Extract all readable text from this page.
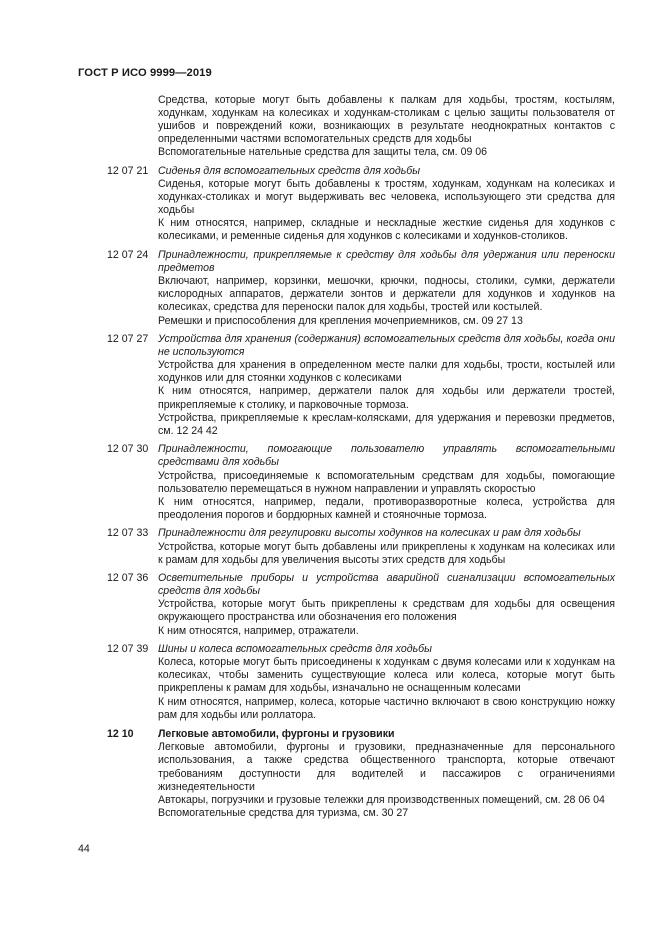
ГОСТ Р ИСО 9999—2019

Средства, которые могут быть добавлены к палкам для ходьбы, тростям, костылям, ходункам, ходункам на колесиках и ходункам-столикам с целью защиты пользователя от ушибов и повреждений кожи, возникающих в результате неоднократных контактов с определенными частями вспомогательных средств для ходьбы

Вспомогательные нательные средства для защиты тела, см. 09 06

12 07 21 Сиденья для вспомогательных средств для ходьбы

Сиденья, которые могут быть добавлены к тростям, ходункам, ходункам на колесиках и ходунках-столиках и могут выдерживать вес человека, использующего эти средства для ходьбы

К ним относятся, например, складные и нескладные жесткие сиденья для ходунков с колесиками, и ременные сиденья для ходунков с колесиками и ходунков-столиков.

12 07 24 Принадлежности, прикрепляемые к средству для ходьбы для удержания или переноски предметов

Включают, например, корзинки, мешочки, крючки, подносы, столики, сумки, держатели кислородных аппаратов, держатели зонтов и держатели для ходунков и ходунков на колесиках, средства для переноски палок для ходьбы, тростей или костылей.

Ремешки и приспособления для крепления мочеприемников, см. 09 27 13

12 07 27 Устройства для хранения (содержания) вспомогательных средств для ходьбы, когда они не используются

Устройства для хранения в определенном месте палки для ходьбы, трости, костылей или ходунков или для стоянки ходунков с колесиками

К ним относятся, например, держатели палок для ходьбы или держатели тростей, прикрепляемые к столику, и парковочные тормоза.

Устройства, прикрепляемые к креслам-колясками, для удержания и перевозки предметов, см. 12 24 42

12 07 30 Принадлежности, помогающие пользователю управлять вспомогательными средствами для ходьбы

Устройства, присоединяемые к вспомогательным средствам для ходьбы, помогающие пользователю перемещаться в нужном направлении и управлять скоростью

К ним относятся, например, педали, противоразворотные колеса, устройства для преодоления порогов и бордюрных камней и стояночные тормоза.

12 07 33 Принадлежности для регулировки высоты ходунков на колесиках и рам для ходьбы

Устройства, которые могут быть добавлены или прикреплены к ходункам на колесиках или к рамам для ходьбы для увеличения высоты этих средств для ходьбы

12 07 36 Осветительные приборы и устройства аварийной сигнализации вспомогательных средств для ходьбы

Устройства, которые могут быть прикреплены к средствам для ходьбы для освещения окружающего пространства или обозначения его положения

К ним относятся, например, отражатели.

12 07 39 Шины и колеса вспомогательных средств для ходьбы

Колеса, которые могут быть присоединены к ходункам с двумя колесами или к ходункам на колесиках, чтобы заменить существующие колеса или колеса, которые могут быть прикреплены к рамам для ходьбы, изначально не оснащенным колесами

К ним относятся, например, колеса, которые частично включают в свою конструкцию ножку рам для ходьбы или роллатора.

12 10	Легковые автомобили, фургоны и грузовики

Легковые автомобили, фургоны и грузовики, предназначенные для персонального использования, а также средства общественного транспорта, которые отвечают требованиям доступности для водителей и пассажиров с ограничениями жизнедеятельности

Автокары, погрузчики и грузовые тележки для производственных помещений, см. 28 06 04

Вспомогательные средства для туризма, см. 30 27

44
